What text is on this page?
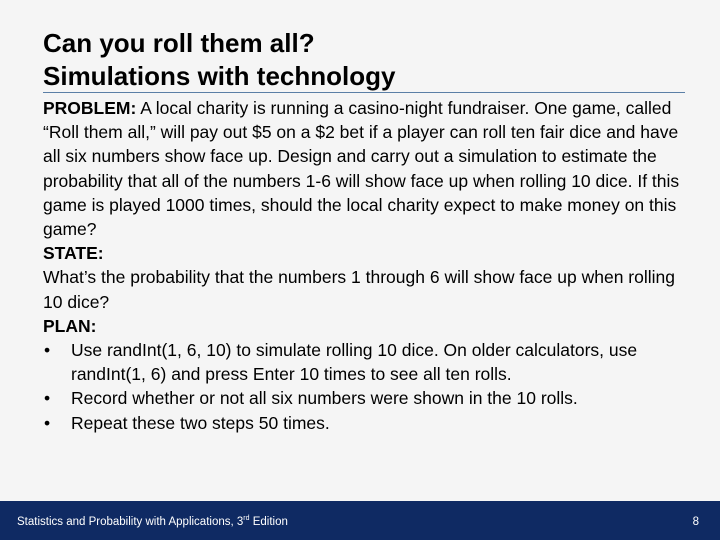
Can you roll them all?
Simulations with technology

PROBLEM: A local charity is running a casino-night fundraiser. One game, called “Roll them all,” will pay out $5 on a $2 bet if a player can roll ten fair dice and have all six numbers show face up. Design and carry out a simulation to estimate the probability that all of the numbers 1-6 will show face up when rolling 10 dice. If this game is played 1000 times, should the local charity expect to make money on this game?

STATE:

What’s the probability that the numbers 1 through 6 will show face up when rolling 10 dice?

PLAN:

• Use randInt(1, 6, 10) to simulate rolling 10 dice. On older calculators, use randInt(1, 6) and press Enter 10 times to see all ten rolls.
• Record whether or not all six numbers were shown in the 10 rolls.
• Repeat these two steps 50 times.
Statistics and Probability with Applications, 3rd Edition	8
